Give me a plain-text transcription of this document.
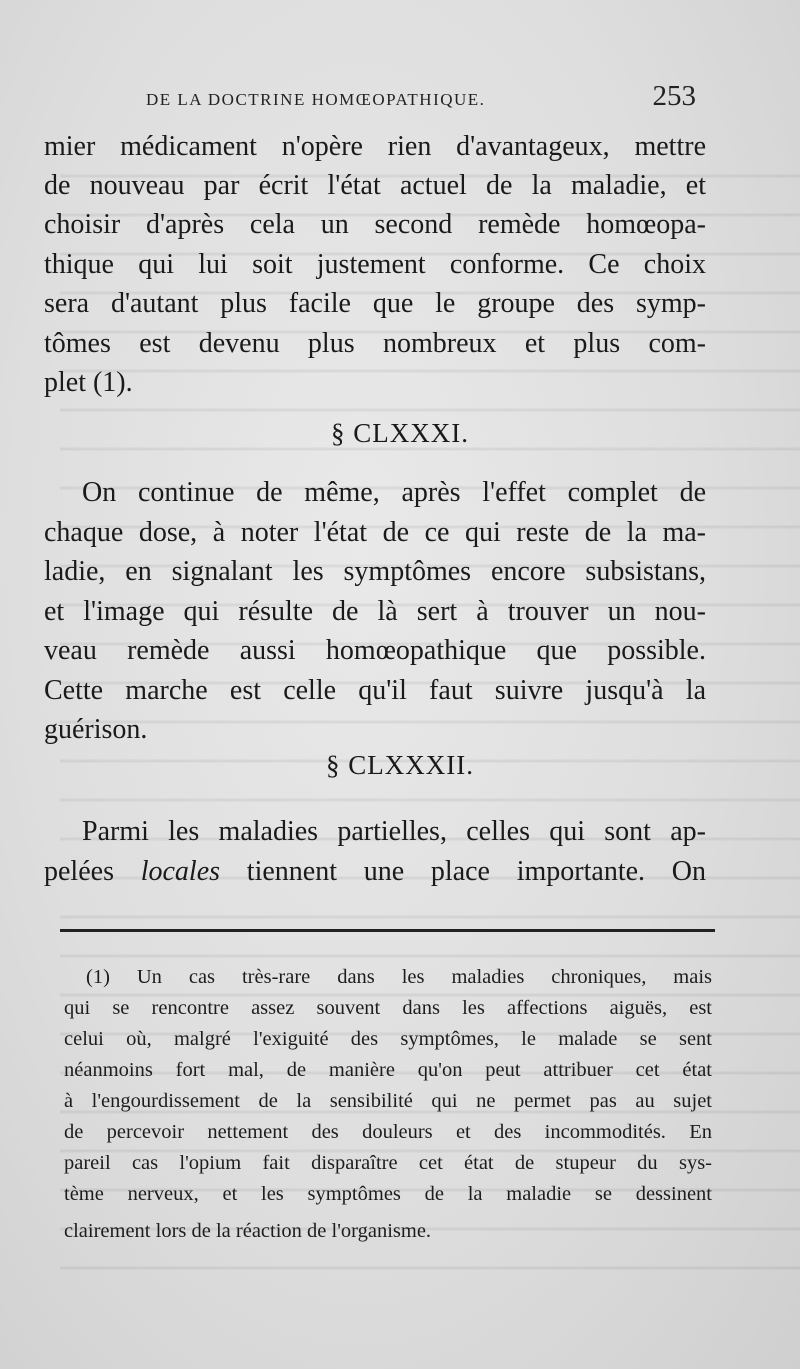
DE LA DOCTRINE HOMŒOPATHIQUE.	253
mier médicament n'opère rien d'avantageux, mettre
de nouveau par écrit l'état actuel de la maladie, et
choisir d'après cela un second remède homœopa-
thique qui lui soit justement conforme. Ce choix
sera d'autant plus facile que le groupe des symp-
tômes est devenu plus nombreux et plus com-
plet (1).
§ CLXXXI.
On continue de même, après l'effet complet de
chaque dose, à noter l'état de ce qui reste de la ma-
ladie, en signalant les symptômes encore subsistans,
et l'image qui résulte de là sert à trouver un nou-
veau remède aussi homœopathique que possible.
Cette marche est celle qu'il faut suivre jusqu'à la
guérison.
§ CLXXXII.
Parmi les maladies partielles, celles qui sont ap-
pelées locales tiennent une place importante. On
(1) Un cas très-rare dans les maladies chroniques, mais
qui se rencontre assez souvent dans les affections aiguës, est
celui où, malgré l'exiguité des symptômes, le malade se sent
néanmoins fort mal, de manière qu'on peut attribuer cet état
à l'engourdissement de la sensibilité qui ne permet pas au sujet
de percevoir nettement des douleurs et des incommodités. En
pareil cas l'opium fait disparaître cet état de stupeur du sys-
tème nerveux, et les symptômes de la maladie se dessinent
clairement lors de la réaction de l'organisme.
